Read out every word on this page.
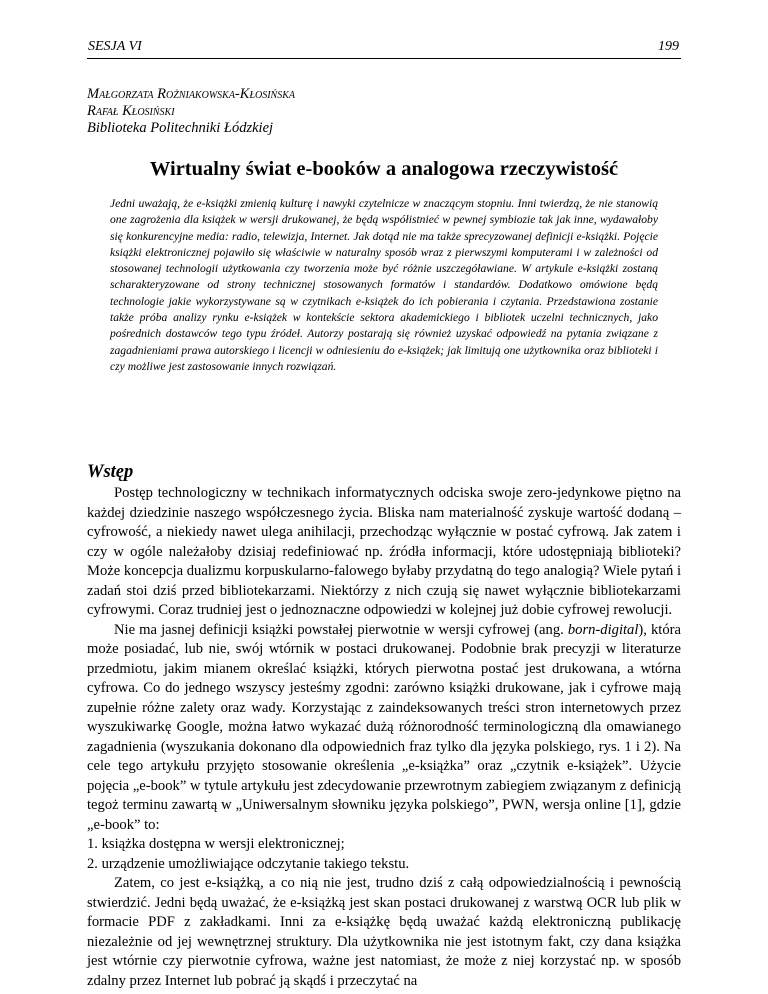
SESJA VI	199
Małgorzata Rożniakowska-Kłosińska
Rafał Kłosiński
Biblioteka Politechniki Łódzkiej
Wirtualny świat e-booków a analogowa rzeczywistość
Jedni uważają, że e-książki zmienią kulturę i nawyki czytelnicze w znaczącym stopniu. Inni twierdzą, że nie stanowią one zagrożenia dla książek w wersji drukowanej, że będą współistnieć w pewnej symbiozie tak jak inne, wydawałoby się konkurencyjne media: radio, telewizja, Internet. Jak dotąd nie ma także sprecyzowanej definicji e-książki. Pojęcie książki elektronicznej pojawiło się właściwie w naturalny sposób wraz z pierwszymi komputerami i w zależności od stosowanej technologii użytkowania czy tworzenia może być różnie uszczegóławiane. W artykule e-książki zostaną scharakteryzowane od strony technicznej stosowanych formatów i standardów. Dodatkowo omówione będą technologie jakie wykorzystywane są w czytnikach e-książek do ich pobierania i czytania. Przedstawiona zostanie także próba analizy rynku e-książek w kontekście sektora akademickiego i bibliotek uczelni technicznych, jako pośrednich dostawców tego typu źródeł. Autorzy postarają się również uzyskać odpowiedź na pytania związane z zagadnieniami prawa autorskiego i licencji w odniesieniu do e-książek; jak limitują one użytkownika oraz biblioteki i czy możliwe jest zastosowanie innych rozwiązań.
Wstęp

Postęp technologiczny w technikach informatycznych odciska swoje zero-jedynkowe piętno na każdej dziedzinie naszego współczesnego życia. Bliska nam materialność zyskuje wartość dodaną – cyfrowość, a niekiedy nawet ulega anihilacji, przechodząc wyłącznie w postać cyfrową. Jak zatem i czy w ogóle należałoby dzisiaj redefiniować np. źródła informacji, które udostępniają biblioteki? Może koncepcja dualizmu korpuskularno-falowego byłaby przydatną do tego analogią? Wiele pytań i zadań stoi dziś przed bibliotekarzami. Niektórzy z nich czują się nawet wyłącznie bibliotekarzami cyfrowymi. Coraz trudniej jest o jednoznaczne odpowiedzi w kolejnej już dobie cyfrowej rewolucji.

Nie ma jasnej definicji książki powstałej pierwotnie w wersji cyfrowej (ang. born-digital), która może posiadać, lub nie, swój wtórnik w postaci drukowanej. Podobnie brak precyzji w literaturze przedmiotu, jakim mianem określać książki, których pierwotna postać jest drukowana, a wtórna cyfrowa. Co do jednego wszyscy jesteśmy zgodni: zarówno książki drukowane, jak i cyfrowe mają zupełnie różne zalety oraz wady. Korzystając z zaindeksowanych treści stron internetowych przez wyszukiwarkę Google, można łatwo wykazać dużą różnorodność terminologiczną dla omawianego zagadnienia (wyszukania dokonano dla odpowiednich fraz tylko dla języka polskiego, rys. 1 i 2). Na cele tego artykułu przyjęto stosowanie określenia „e-książka” oraz „czytnik e-książek”. Użycie pojęcia „e-book” w tytule artykułu jest zdecydowanie przewrotnym zabiegiem związanym z definicją tegoż terminu zawartą w „Uniwersalnym słowniku języka polskiego”, PWN, wersja online [1], gdzie „e-book” to:

1. książka dostępna w wersji elektronicznej;

2. urządzenie umożliwiające odczytanie takiego tekstu.

Zatem, co jest e-książką, a co nią nie jest, trudno dziś z całą odpowiedzialnością i pewnością stwierdzić. Jedni będą uważać, że e-książką jest skan postaci drukowanej z warstwą OCR lub plik w formacie PDF z zakładkami. Inni za e-książkę będą uważać każdą elektroniczną publikację niezależnie od jej wewnętrznej struktury. Dla użytkownika nie jest istotnym fakt, czy dana książka jest wtórnie czy pierwotnie cyfrowa, ważne jest natomiast, że może z niej korzystać np. w sposób zdalny przez Internet lub pobrać ją skądś i przeczytać na
